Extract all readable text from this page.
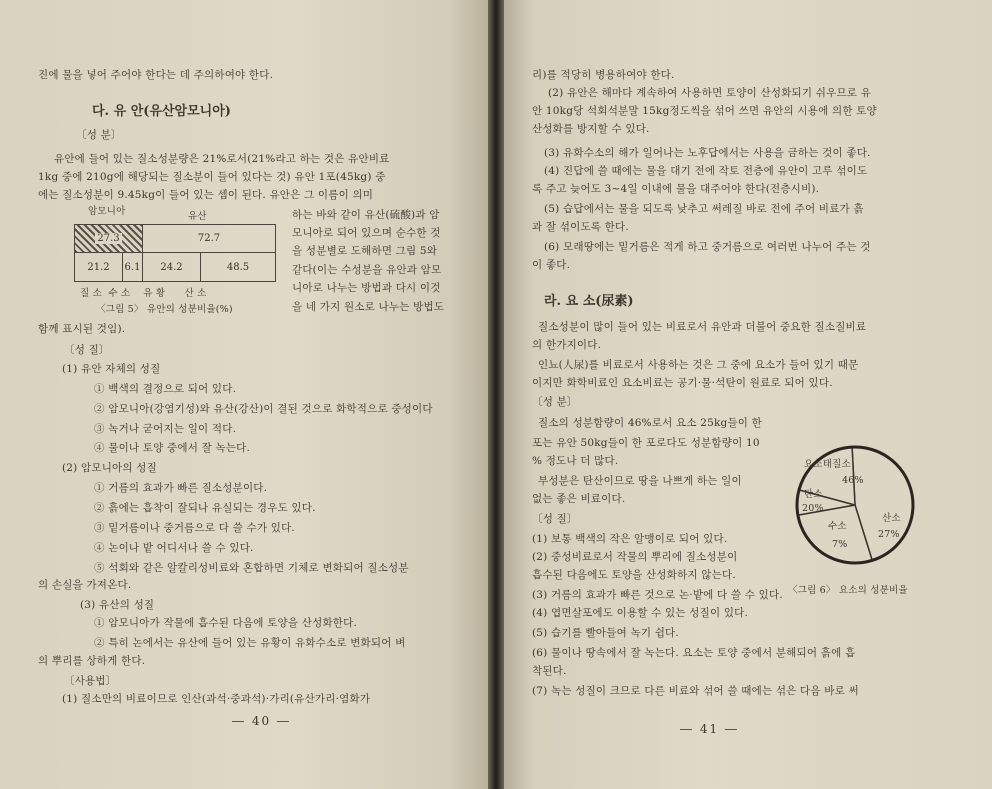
진에 물을 넣어 주어야 한다는 데 주의하여야 한다.
다. 유 안(유산암모니아)
〔성 분〕
유안에 들어 있는 질소성분량은 21%로서(21%라고 하는 것은 유안비료
1kg 중에 210g에 해당되는 질소분이 들어 있다는 것) 유안 1포(45kg) 중
에는 질소성분이 9.45kg이 들어 있는 셈이 된다. 유안은 그 이름이 의미
하는 바와 같이 유산(硫酸)과 암
모니아로 되어 있으며 순수한 것
을 성분별로 도해하면 그림 5와
같다(이는 수성분을 유안과 암모
니아로 나누는 방법과 다시 이것
을 네 가지 원소로 나누는 방법도
암모니아	유산
27.3	72.7
21.2	6.1	24.2	48.5
질 소  수 소    유 황      산 소
〈그림 5〉 유안의 성분비율(%)
함께 표시된 것임).
〔성 질〕
(1) 유안 자체의 성질
① 백색의 결정으로 되어 있다.
② 암모니아(강염기성)와 유산(강산)이 결된 것으로 화학적으로 중성이다
③ 녹거나 굳어지는 일이 적다.
④ 물이나 토양 중에서 잘 녹는다.
(2) 암모니아의 성질
① 거름의 효과가 빠른 질소성분이다.
② 흙에는 흡착이 잘되나 유실되는 경우도 있다.
③ 밑거름이나 중거름으로 다 쓸 수가 있다.
④ 논이나 밭 어디서나 쓸 수 있다.
⑤ 석회와 같은 알칼리성비료와 혼합하면 기체로 변화되어 질소성분
의 손실을 가져온다.
(3) 유산의 성질
① 암모니아가 작물에 흡수된 다음에 토양을 산성화한다.
② 특히 논에서는 유산에 들어 있는 유황이 유화수소로 변화되어 벼
의 뿌리를 상하게 한다.
〔사용법〕
(1) 질소만의 비료이므로 인산(과석·중과석)·가리(유산가리·염화가
― 40 ―
리)를 적당히 병용하여야 한다.
(2) 유안은 해마다 계속하여 사용하면 토양이 산성화되기 쉬우므로 유
안 10kg당 석회석분말 15kg정도씩을 섞어 쓰면 유안의 시용에 의한 토양
산성화를 방지할 수 있다.
(3) 유화수소의 해가 일어나는 노후답에서는 사용을 금하는 것이 좋다.
(4) 진답에 쓸 때에는 물을 대기 전에 작토 전층에 유안이 고루 섞이도
록 주고 늦어도 3~4일 이내에 물을 대주어야 한다(전층시비).
(5) 습답에서는 물을 되도록 낮추고 써레질 바로 전에 주어 비료가 흙
과 잘 섞이도록 한다.
(6) 모래땅에는 밑거름은 적게 하고 중거름으로 여러번 나누어 주는 것
이 좋다.
라. 요 소(尿素)
질소성분이 많이 들어 있는 비료로서 유안과 더불어 중요한 질소질비료
의 한가지이다.
인뇨(人尿)를 비료로서 사용하는 것은 그 중에 요소가 들어 있기 때문
이지만 화학비료인 요소비료는 공기·물·석탄이 원료로 되어 있다.
〔성 분〕
질소의 성분함량이 46%로서 요소 25kg들이 한
포는 유안 50kg들이 한 포로다도 성분함량이 10
% 정도나 더 많다.
부성분은 탄산이므로 땅을 나쁘게 하는 일이
없는 좋은 비료이다.
〔성 질〕
(1) 보통 백색의 작은 알맹이로 되어 있다.
(2) 중성비료로서 작물의 뿌리에 질소성분이
흡수된 다음에도 토양을 산성화하지 않는다.
(3) 거름의 효과가 빠른 것으로 논·밭에 다 쓸 수 있다.
(4) 엽면살포에도 이용할 수 있는 성질이 있다.
(5) 습기를 빨아들여 녹기 쉽다.
(6) 물이나 땅속에서 잘 녹는다. 요소는 토양 중에서 분해되어 흙에 흡
착된다.
(7) 녹는 성질이 크므로 다른 비료와 섞어 쓸 때에는 섞은 다음 바로 써
요소태질소
46%
산소
27%
수소
7%
탄소
20%
〈그림 6〉 요소의 성분비율
― 41 ―
